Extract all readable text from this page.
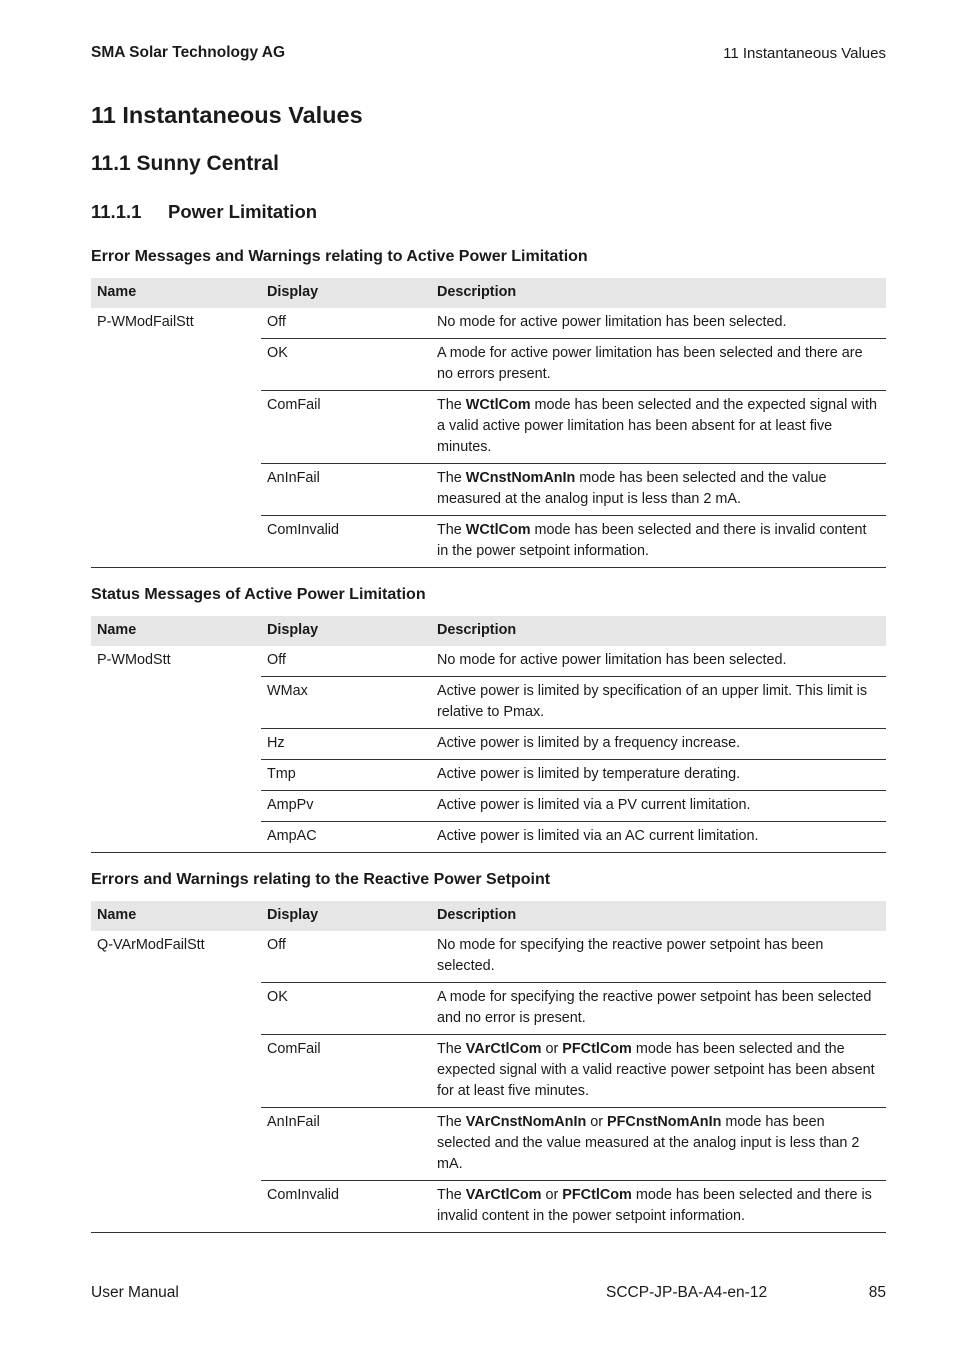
SMA Solar Technology AG	11 Instantaneous Values
11 Instantaneous Values
11.1 Sunny Central
11.1.1 Power Limitation
Error Messages and Warnings relating to Active Power Limitation
Name	Display	Description
P-WModFailStt	Off	No mode for active power limitation has been selected.
	OK	A mode for active power limitation has been selected and there are no errors present.
	ComFail	The WCtlCom mode has been selected and the expected signal with a valid active power limitation has been absent for at least five minutes.
	AnInFail	The WCnstNomAnIn mode has been selected and the value measured at the analog input is less than 2 mA.
	ComInvalid	The WCtlCom mode has been selected and there is invalid content in the power setpoint information.
Status Messages of Active Power Limitation
Name	Display	Description
P-WModStt	Off	No mode for active power limitation has been selected.
	WMax	Active power is limited by specification of an upper limit. This limit is relative to Pmax.
	Hz	Active power is limited by a frequency increase.
	Tmp	Active power is limited by temperature derating.
	AmpPv	Active power is limited via a PV current limitation.
	AmpAC	Active power is limited via an AC current limitation.
Errors and Warnings relating to the Reactive Power Setpoint
Name	Display	Description
Q-VArModFailStt	Off	No mode for specifying the reactive power setpoint has been selected.
	OK	A mode for specifying the reactive power setpoint has been selected and no error is present.
	ComFail	The VArCtlCom or PFCtlCom mode has been selected and the expected signal with a valid reactive power setpoint has been absent for at least five minutes.
	AnInFail	The VArCnstNomAnIn or PFCnstNomAnIn mode has been selected and the value measured at the analog input is less than 2 mA.
	ComInvalid	The VArCtlCom or PFCtlCom mode has been selected and there is invalid content in the power setpoint information.
User Manual	SCCP-JP-BA-A4-en-12	85
